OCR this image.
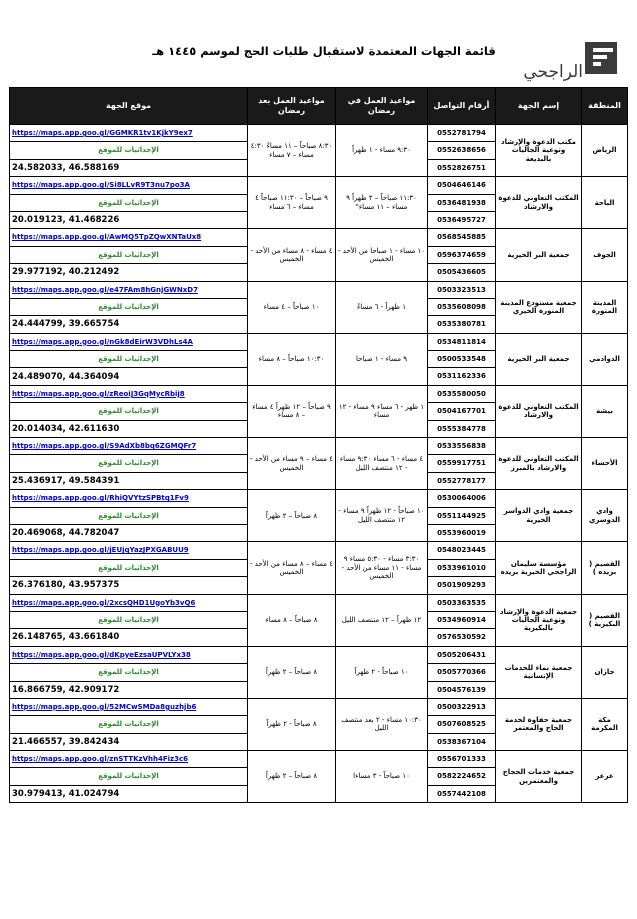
قائمة الجهات المعتمدة لاستقبال طلبات الحج لموسم ١٤٤٥ هـ
الراجحي
المنطقة	إسم الجهة	أرقام التواصل	مواعيد العمل في رمضان	مواعيد العمل بعد رمضان	موقع الجهة
الرياض	مكتب الدعوة والإرشاد وتوعية الجاليات بالبديعة	0552781794	٩:٣٠ مساء - ١ ظهراً	٨:٣٠ صباحاً – ١١ مساءً ٤:٣٠ مساء – ٧ مساء	https://maps.app.goo.gl/GGMKR1tv1KjkY9ex7
		0552638656			الإحداثيات للموقع
		0552826751			24.582033, 46.588169
الباحة	المكتب التعاوني للدعوة والارشاد	0504646146	١١:٣٠ صباحاً – ٢ ظهراً ٩ مساء – ١١ مساء"	٩ صباحاً – ١١:٣٠ صباحاً ٤ مساء – ٦ مساء	https://maps.app.goo.gl/Si8LLvR9T3nu7po3A
		0536481938			الإحداثيات للموقع
		0536495727			20.019123, 41.468226
الجوف	جمعية البر الخيرية	0568545885	١٠ مساء - ١ صباحا من الأحد - الخميس	٤ مساء - ٨ مساء من الأحد - الخميس	https://maps.app.goo.gl/AwMQ5TpZQwXNTaUx8
		0596374659			الإحداثيات للموقع
		0505436605			29.977192, 40.212492
المدينة المنورة	جمعية مستودع المدينة المنورة الخيري	0503323513	١ ظهراً - ٦ مساءً	١٠ صباحاً – ٤ مساء	https://maps.app.goo.gl/e47FAm8hGnjGWNxD7
		0535608098			الإحداثيات للموقع
		0535380781			24.444799, 39.665754
الدوادمي	جمعية البر الخيرية	0534811814	٩ مساء - ١ صباحا	١٠:٣٠ صباحاً – ٨ مساء	https://maps.app.goo.gl/nGk8dEirW3VDhLs4A
		0500533548			الإحداثيات للموقع
		0531162336			24.489070, 44.364094
بيشة	المكتب التعاوني للدعوة والارشاد	0535580050	١ ظهر - ٦ مساء ٩ مساء - ١٢ مساء	٩ صباحاً – ١٢ ظهراً ٤ مساء – ٨ مساء	https://maps.app.goo.gl/zReoiJ3GqMycRbij8
		0504167701			الإحداثيات للموقع
		0555384778			20.014034, 42.611630
الأحساء	المكتب التعاوني للدعوة والارشاد بالمبرز	0533556838	٤ مساء - ٦ مساء ٩:٣٠ مساء - ١٢ منتصف الليل	٤ مساء – ٩ مساء من الأحد - الخميس	https://maps.app.goo.gl/S9AdXb8bq6ZGMQFr7
		0559917751			الإحداثيات للموقع
		0552778177			25.436917, 49.584391
وادي الدوسري	جمعية وادي الدواسر الخيرية	0530064006	١٠ صباحاً - ١٢ ظهراً ٩ مساء - ١٢ منتصف الليل	٨ صباحاً – ٢ ظهراً	https://maps.app.goo.gl/RhiQVYtzSPBtq1Fv9
		0551144925			الإحداثيات للموقع
		0553960019			20.469068, 44.782047
القصيم ( بريده )	مؤسسة سليمان الراجحي الخيرية بريده	0548023445	٣:٣٠ مساء - ٥:٣٠ مساء ٩ مساء - ١١ مساء من الأحد - الخميس	٤ مساء – ٨ مساء من الأحد - الخميس	https://maps.app.goo.gl/jEUjqYazJPXGABUU9
		0533961010			الإحداثيات للموقع
		0501909293			26.376180, 43.957375
القصيم ( البكيرية )	جمعية الدعوة والإرشاد وتوعية الجاليات بالبكيرية	0503363535	١٢ ظهراً – ١٢ منتصف الليل	٨ صباحاً – ٨ مساء	https://maps.app.goo.gl/2xcsQHD1UgoYb3vQ6
		0534960914			الإحداثيات للموقع
		0576530592			26.148765, 43.661840
جازان	جمعية نماء للخدمات الإنسانية	0505206431	١٠ صباحاً - ٢ ظهراً	٨ صباحاً – ٢ ظهراً	https://maps.app.goo.gl/dKpyeEzsaUPVLYx38
		0505770366			الإحداثيات للموقع
		0504576139			16.866759, 42.909172
مكة المكرمة	جمعية حفاوة لخدمة الحاج والمعتمر	0500322913	١٠:٣٠ مساء - ٢ بعد منتصف الليل	٨ صباحاً - ٢ ظهراً	https://maps.app.goo.gl/52MCwSMDa8guzhjb6
		0507608525			الإحداثيات للموقع
		0538367104			21.466557, 39.842434
عرعر	جمعية خدمات الحجاج والمعتمرين	0556701333	١٠ صباحاً - ٣ مساءا	٨ صباحاً – ٢ ظهراً	https://maps.app.goo.gl/znSTTKzVhh4Fiz3c6
		0582224652			الإحداثيات للموقع
		0557442108			30.979413, 41.024794
